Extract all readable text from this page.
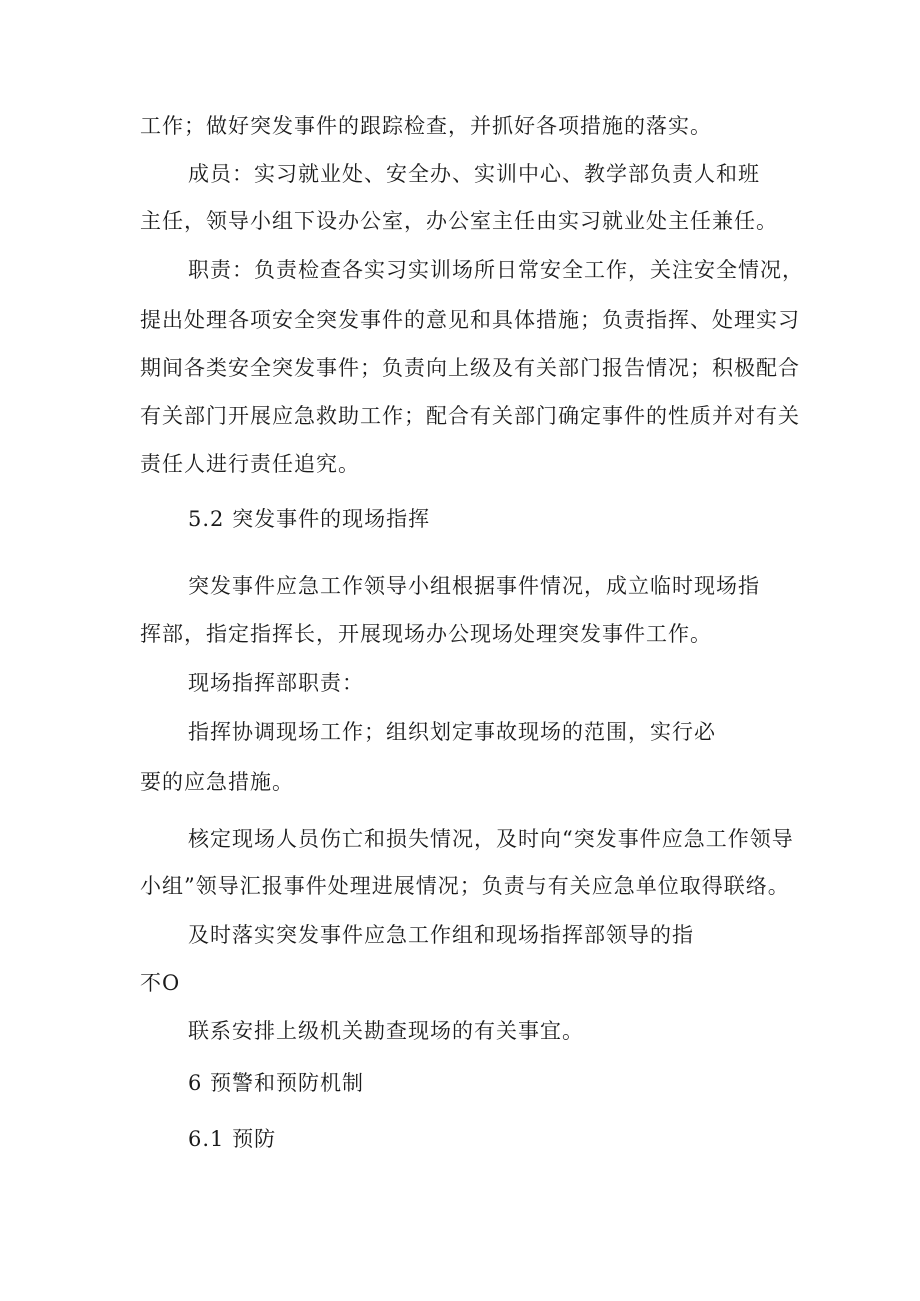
工作；做好突发事件的跟踪检查，并抓好各项措施的落实。
成员：实习就业处、安全办、实训中心、教学部负责人和班
主任，领导小组下设办公室，办公室主任由实习就业处主任兼任。
职责：负责检查各实习实训场所日常安全工作，关注安全情况，
提出处理各项安全突发事件的意见和具体措施；负责指挥、处理实习
期间各类安全突发事件；负责向上级及有关部门报告情况；积极配合
有关部门开展应急救助工作；配合有关部门确定事件的性质并对有关
责任人进行责任追究。
5.2 突发事件的现场指挥
突发事件应急工作领导小组根据事件情况，成立临时现场指
挥部，指定指挥长，开展现场办公现场处理突发事件工作。
现场指挥部职责：
指挥协调现场工作；组织划定事故现场的范围，实行必
要的应急措施。
核定现场人员伤亡和损失情况，及时向“突发事件应急工作领导
小组”领导汇报事件处理进展情况；负责与有关应急单位取得联络。
及时落实突发事件应急工作组和现场指挥部领导的指
不O
联系安排上级机关勘查现场的有关事宜。
6 预警和预防机制
6.1 预防
